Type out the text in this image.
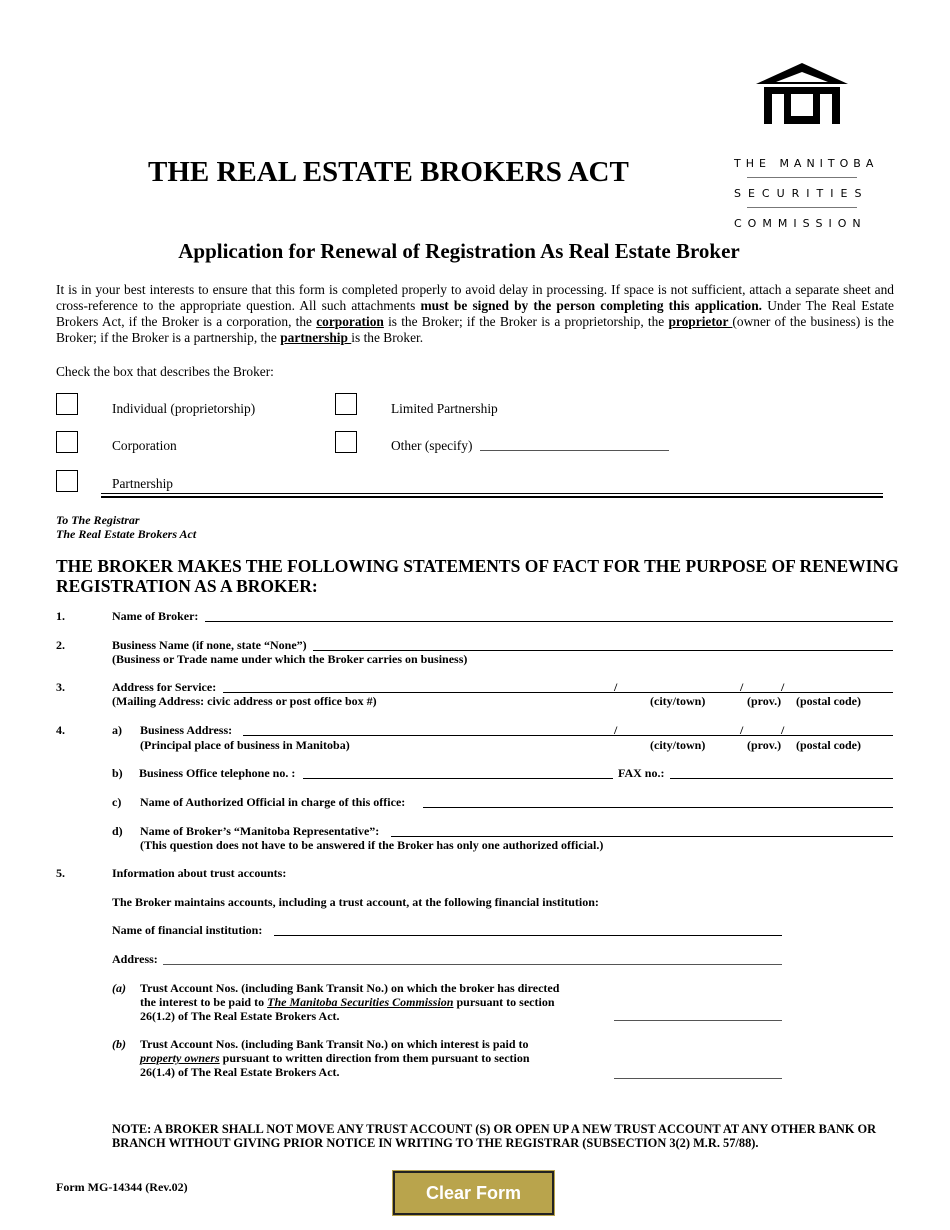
THE MANITOBA
SECURITIES
COMMISSION
THE REAL ESTATE BROKERS ACT
Application for Renewal of Registration As Real Estate Broker
It is in your best interests to ensure that this form is completed properly to avoid delay in processing. If space is not sufficient, attach a separate sheet and cross-reference to the appropriate question. All such attachments must be signed by the person completing this application. Under The Real Estate Brokers Act, if the Broker is a corporation, the corporation is the Broker; if the Broker is a proprietorship, the proprietor (owner of the business) is the Broker; if the Broker is a partnership, the partnership is the Broker.
Check the box that describes the Broker:
Individual (proprietorship)	Limited Partnership
Corporation	Other (specify)
Partnership
To The Registrar
The Real Estate Brokers Act
THE BROKER MAKES THE FOLLOWING STATEMENTS OF FACT FOR THE PURPOSE OF RENEWING REGISTRATION AS A BROKER:
1.	Name of Broker:
2.	Business Name (if none, state “None”)
(Business or Trade name under which the Broker carries on business)
3.	Address for Service:	/	/	/
(Mailing Address: civic address or post office box #)	(city/town)	(prov.) (postal code)
4.	a) Business Address:	/	/	/
(Principal place of business in Manitoba)	(city/town)	(prov.) (postal code)
b) Business Office telephone no. :	FAX no.:
c) Name of Authorized Official in charge of this office:
d) Name of Broker’s “Manitoba Representative”:
(This question does not have to be answered if the Broker has only one authorized official.)
5.	Information about trust accounts:
The Broker maintains accounts, including a trust account, at the following financial institution:
Name of financial institution:
Address:
(a) Trust Account Nos. (including Bank Transit No.) on which the broker has directed
the interest to be paid to The Manitoba Securities Commission pursuant to section
26(1.2) of The Real Estate Brokers Act.
(b) Trust Account Nos. (including Bank Transit No.) on which interest is paid to
property owners pursuant to written direction from them pursuant to section
26(1.4) of The Real Estate Brokers Act.
NOTE: A BROKER SHALL NOT MOVE ANY TRUST ACCOUNT (S) OR OPEN UP A NEW TRUST ACCOUNT AT ANY OTHER BANK OR BRANCH WITHOUT GIVING PRIOR NOTICE IN WRITING TO THE REGISTRAR (SUBSECTION 3(2) M.R. 57/88).
Form MG-14344 (Rev.02)	Clear Form
